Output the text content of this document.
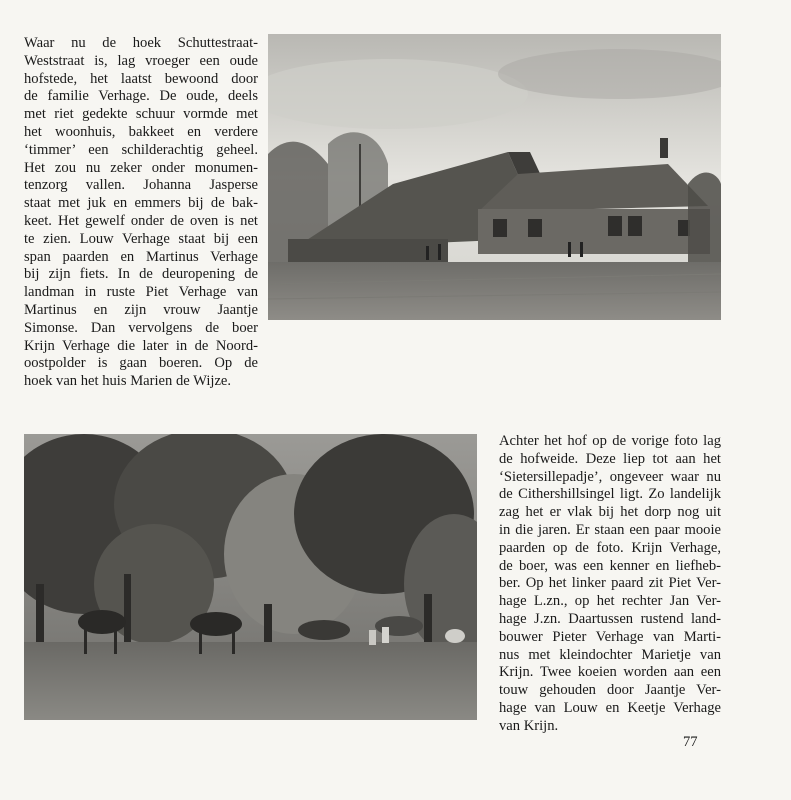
Waar nu de hoek Schuttestraat-
Weststraat is, lag vroeger een oude
hofstede, het laatst bewoond door
de familie Verhage. De oude, deels
met riet gedekte schuur vormde met
het woonhuis, bakkeet en verdere
‘timmer’ een schilderachtig geheel.
Het zou nu zeker onder monumen-
tenzorg vallen. Johanna Jasperse
staat met juk en emmers bij de bak-
keet. Het gewelf onder de oven is net
te zien. Louw Verhage staat bij een
span paarden en Martinus Verhage
bij zijn fiets. In de deuropening de
landman in ruste Piet Verhage van
Martinus en zijn vrouw Jaantje
Simonse. Dan vervolgens de boer
Krijn Verhage die later in de Noord-
oostpolder is gaan boeren. Op de
hoek van het huis Marien de Wijze.
Achter het hof op de vorige foto lag
de hofweide. Deze liep tot aan het
‘Sietersillepadje’, ongeveer waar nu
de Cithershillsingel ligt. Zo landelijk
zag het er vlak bij het dorp nog uit
in die jaren. Er staan een paar mooie
paarden op de foto. Krijn Verhage,
de boer, was een kenner en liefheb-
ber. Op het linker paard zit Piet Ver-
hage L.zn., op het rechter Jan Ver-
hage J.zn. Daartussen rustend land-
bouwer Pieter Verhage van Marti-
nus met kleindochter Marietje van
Krijn. Twee koeien worden aan een
touw gehouden door Jaantje Ver-
hage van Louw en Keetje Verhage
van Krijn.
77
